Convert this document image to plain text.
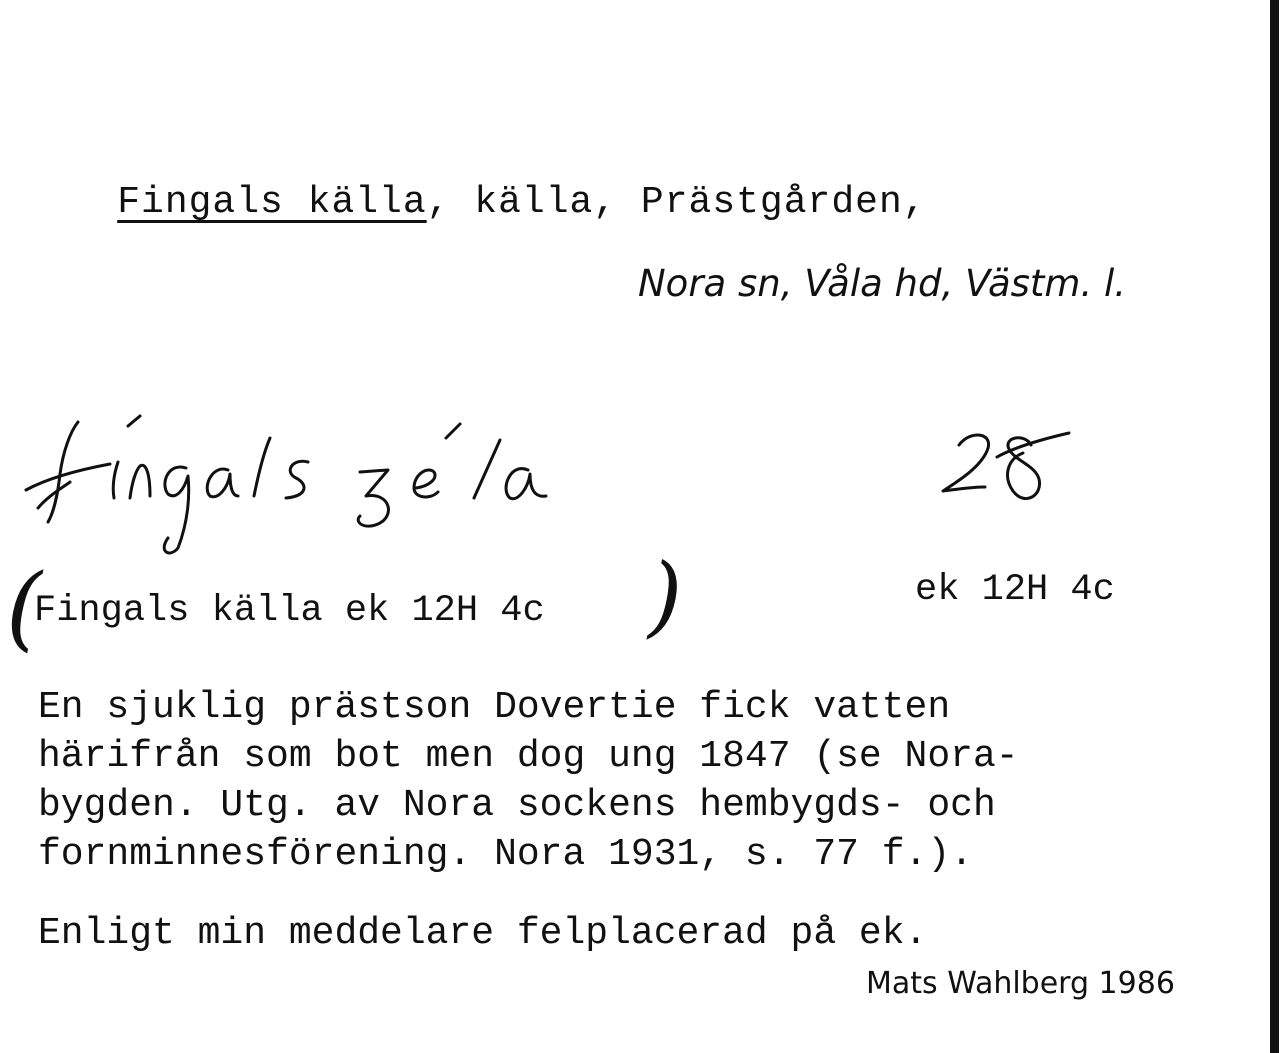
Fingals källa, källa, Prästgården,

Nora sn, Våla hd, Västm. l.
(
Fingals källa ek 12H 4c )	ek 12H 4c
En sjuklig prästson Dovertie fick vatten
härifrån som bot men dog ung 1847 (se Nora-
bygden. Utg. av Nora sockens hembygds- och
fornminnesförening. Nora 1931, s. 77 f.).
Enligt min meddelare felplacerad på ek.
Mats Wahlberg 1986
